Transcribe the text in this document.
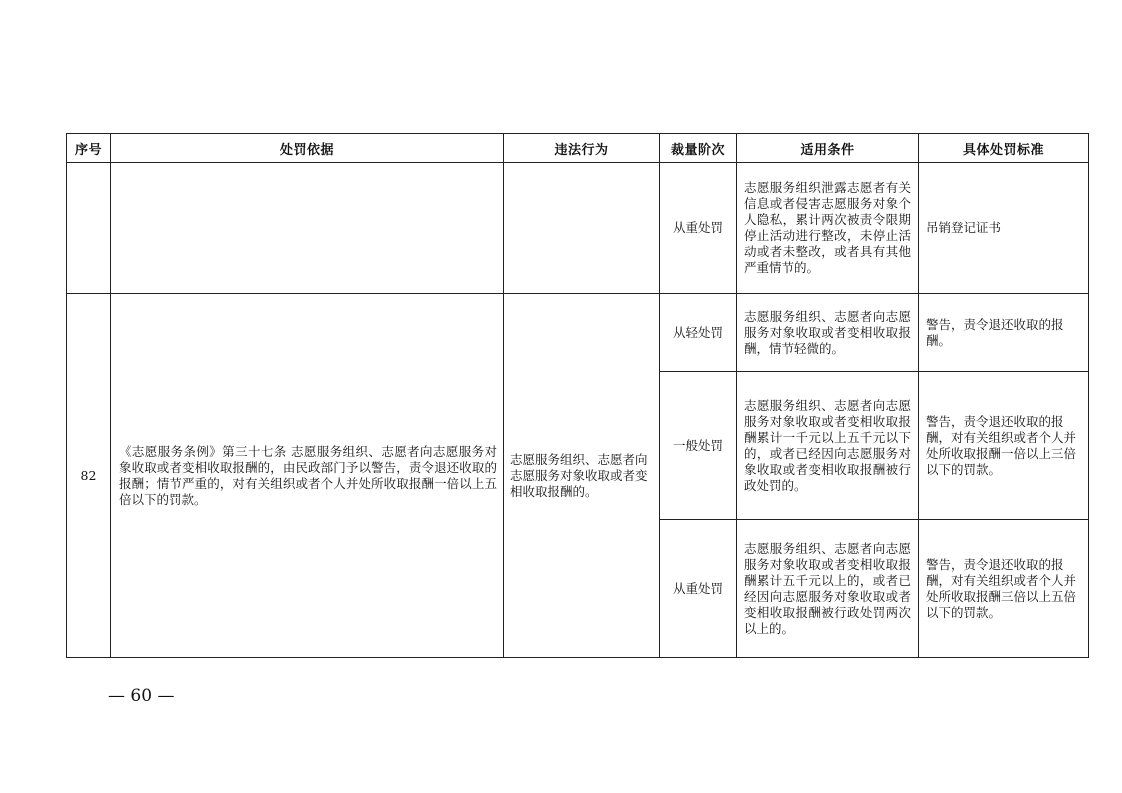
序号	处罚依据	违法行为	裁量阶次	适用条件	具体处罚标准

			从重处罚	志愿服务组织泄露志愿者有关信息或者侵害志愿服务对象个人隐私，累计两次被责令限期停止活动进行整改，未停止活动或者未整改，或者具有其他严重情节的。	吊销登记证书

82	《志愿服务条例》第三十七条 志愿服务组织、志愿者向志愿服务对象收取或者变相收取报酬的，由民政部门予以警告，责令退还收取的报酬；情节严重的，对有关组织或者个人并处所收取报酬一倍以上五倍以下的罚款。	志愿服务组织、志愿者向志愿服务对象收取或者变相收取报酬的。	从轻处罚	志愿服务组织、志愿者向志愿服务对象收取或者变相收取报酬，情节轻微的。	警告，责令退还收取的报酬。

			一般处罚	志愿服务组织、志愿者向志愿服务对象收取或者变相收取报酬累计一千元以上五千元以下的，或者已经因向志愿服务对象收取或者变相收取报酬被行政处罚的。	警告，责令退还收取的报酬，对有关组织或者个人并处所收取报酬一倍以上三倍以下的罚款。

			从重处罚	志愿服务组织、志愿者向志愿服务对象收取或者变相收取报酬累计五千元以上的，或者已经因向志愿服务对象收取或者变相收取报酬被行政处罚两次以上的。	警告，责令退还收取的报酬，对有关组织或者个人并处所收取报酬三倍以上五倍以下的罚款。
— 60 —
